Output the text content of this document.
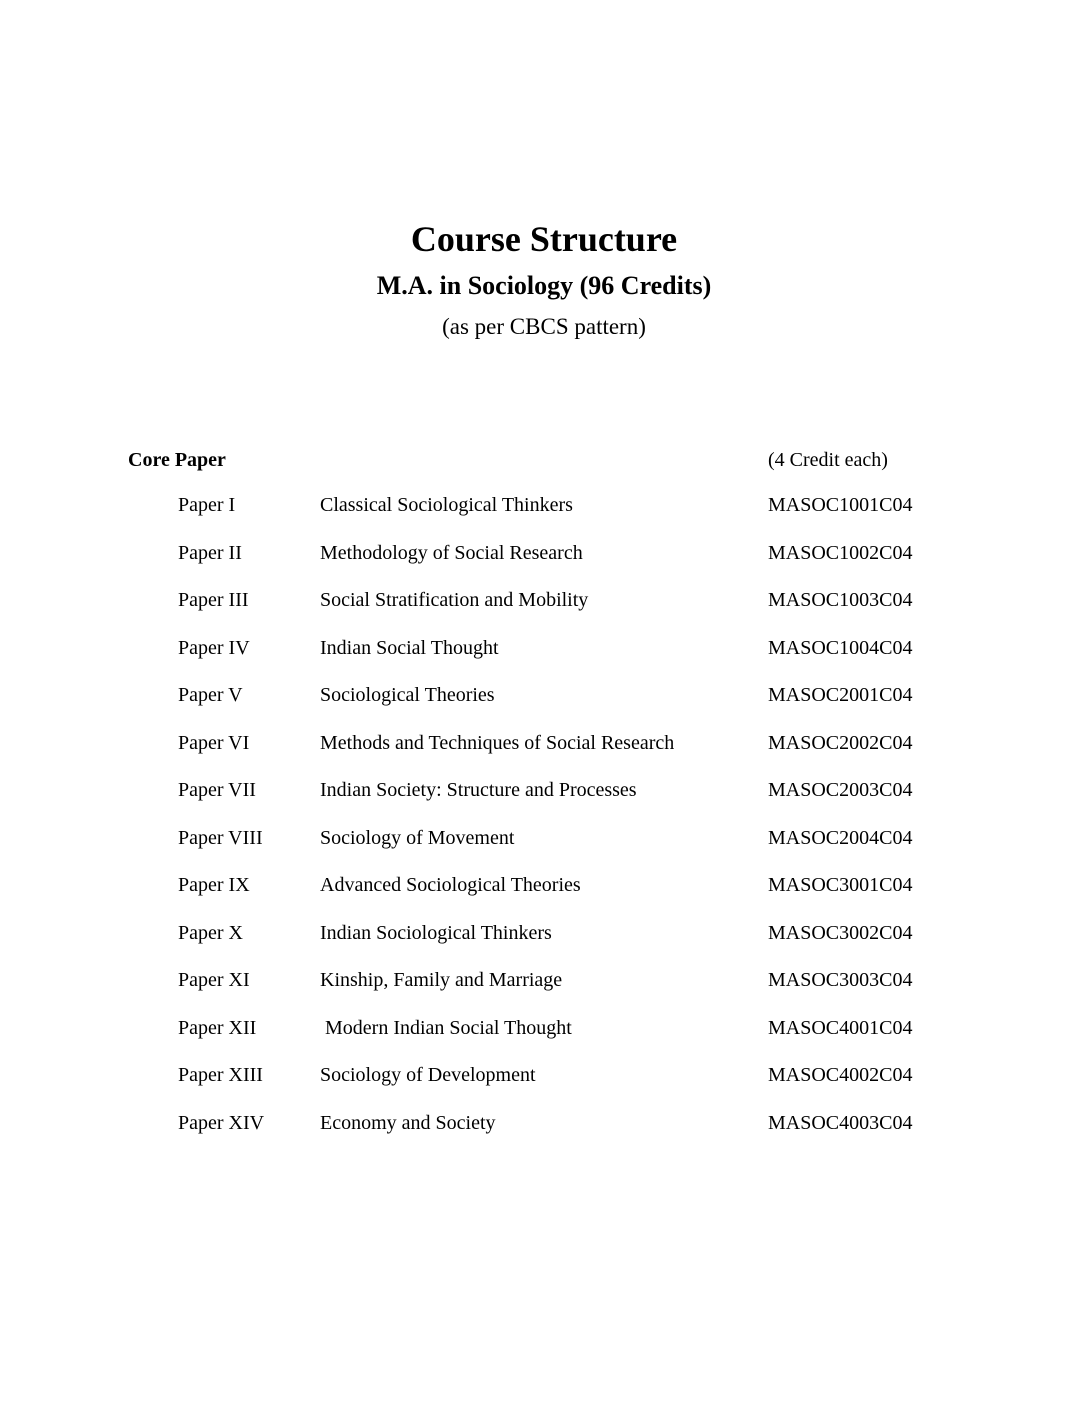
Course Structure
M.A. in Sociology (96 Credits)

(as per CBCS pattern)

Core Paper	(4 Credit each)
Paper I	Classical Sociological Thinkers	MASOC1001C04
Paper II	Methodology of Social Research	MASOC1002C04
Paper III	Social Stratification and Mobility	MASOC1003C04
Paper IV	Indian Social Thought	MASOC1004C04
Paper V	Sociological Theories	MASOC2001C04
Paper VI	Methods and Techniques of Social Research	MASOC2002C04
Paper VII	Indian Society: Structure and Processes	MASOC2003C04
Paper VIII	Sociology of Movement	MASOC2004C04
Paper IX	Advanced Sociological Theories	MASOC3001C04
Paper X	Indian Sociological Thinkers	MASOC3002C04
Paper XI	Kinship, Family and Marriage	MASOC3003C04
Paper XII	Modern Indian Social Thought	MASOC4001C04
Paper XIII	Sociology of Development	MASOC4002C04
Paper XIV	Economy and Society	MASOC4003C04
